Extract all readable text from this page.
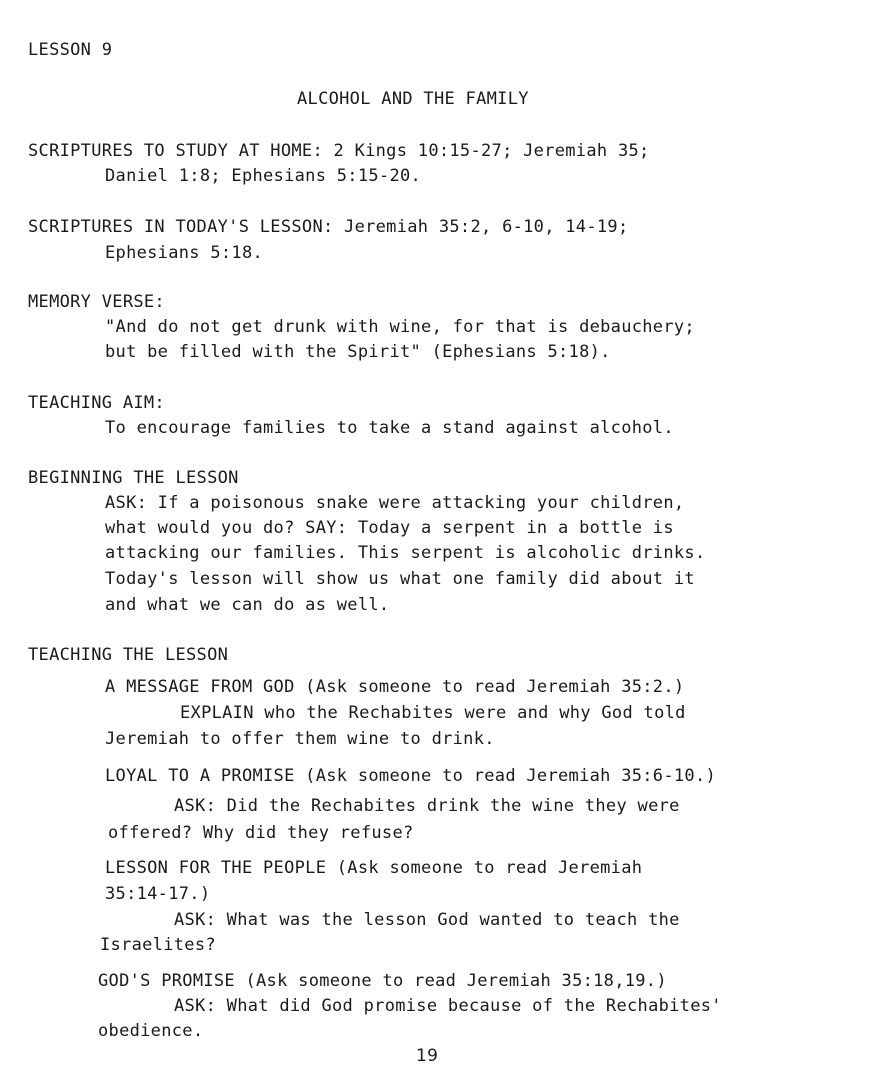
LESSON 9
ALCOHOL AND THE FAMILY
SCRIPTURES TO STUDY AT HOME: 2 Kings 10:15-27; Jeremiah 35;
Daniel 1:8; Ephesians 5:15-20.
SCRIPTURES IN TODAY'S LESSON: Jeremiah 35:2, 6-10, 14-19;
Ephesians 5:18.
MEMORY VERSE:
"And do not get drunk with wine, for that is debauchery;
but be filled with the Spirit" (Ephesians 5:18).
TEACHING AIM:
To encourage families to take a stand against alcohol.
BEGINNING THE LESSON
ASK: If a poisonous snake were attacking your children,
what would you do? SAY: Today a serpent in a bottle is
attacking our families. This serpent is alcoholic drinks.
Today's lesson will show us what one family did about it
and what we can do as well.
TEACHING THE LESSON
A MESSAGE FROM GOD (Ask someone to read Jeremiah 35:2.)
EXPLAIN who the Rechabites were and why God told
Jeremiah to offer them wine to drink.
LOYAL TO A PROMISE (Ask someone to read Jeremiah 35:6-10.)
ASK: Did the Rechabites drink the wine they were
offered? Why did they refuse?
LESSON FOR THE PEOPLE (Ask someone to read Jeremiah
35:14-17.)
ASK: What was the lesson God wanted to teach the
Israelites?
GOD'S PROMISE (Ask someone to read Jeremiah 35:18,19.)
ASK: What did God promise because of the Rechabites'
obedience.
19
